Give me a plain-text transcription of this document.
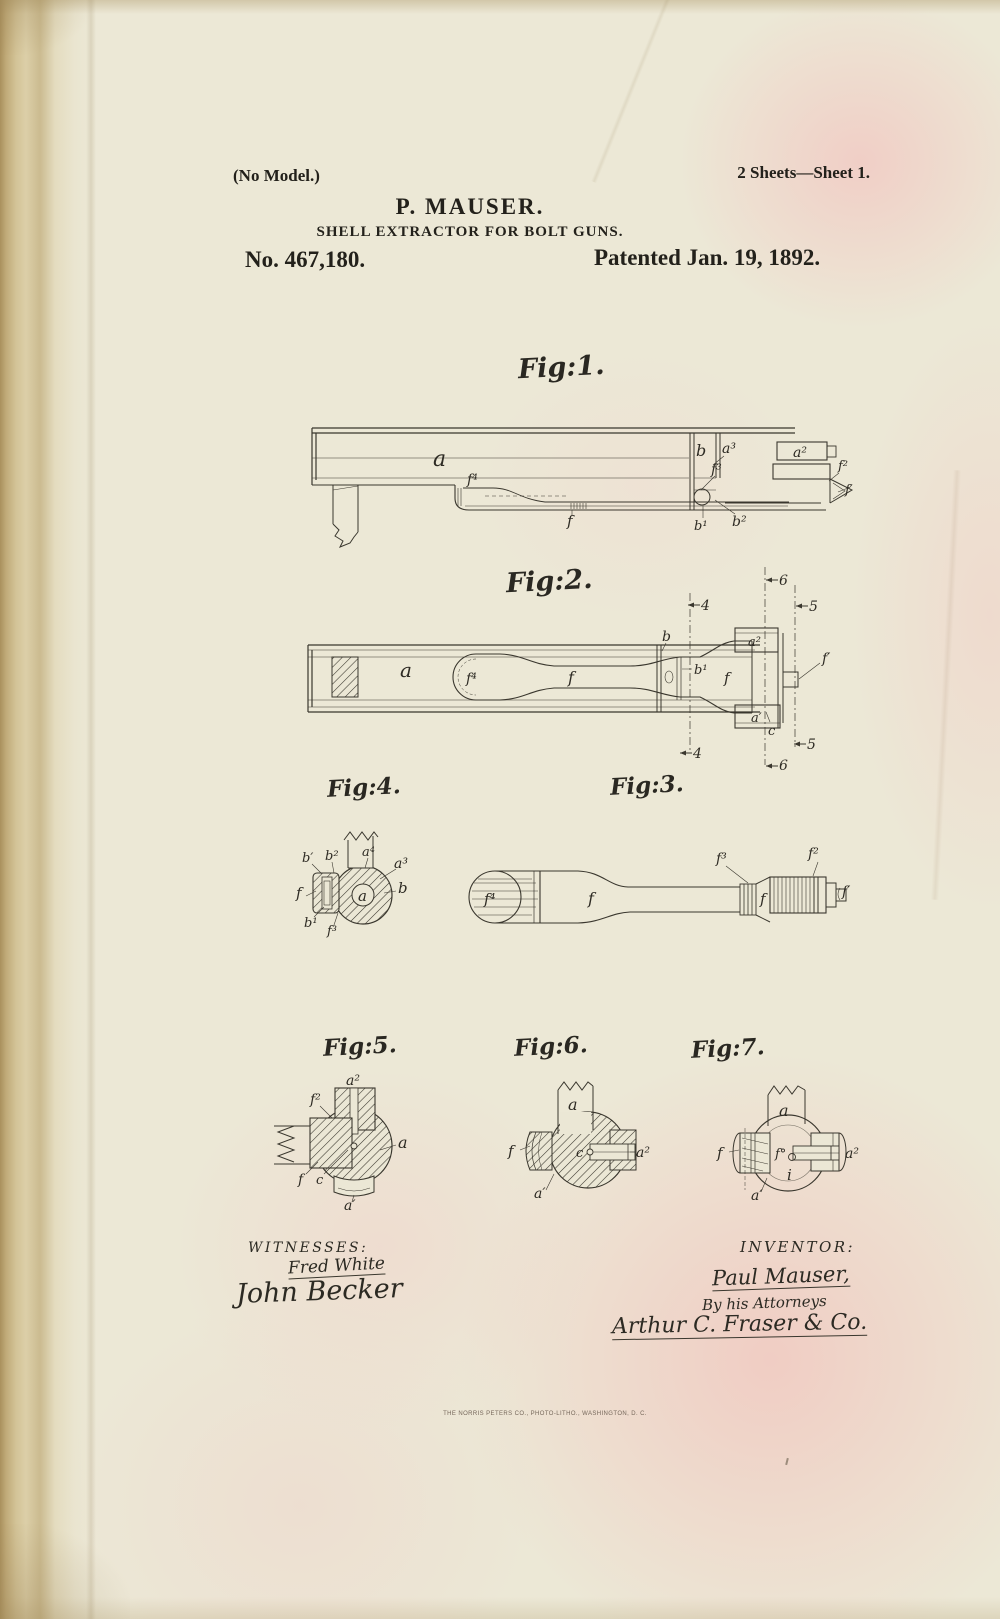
(No Model.)	2 Sheets—Sheet 1.
P. MAUSER.
SHELL EXTRACTOR FOR BOLT GUNS.
No. 467,180.	Patented Jan. 19, 1892.
Fig:1.
Fig:2.
Fig:4.	Fig:3.
Fig:5.	Fig:6.	Fig:7.
a
f⁴
b a³
f³
a²
f²
f′
f	b¹ b²
a	f⁴	f	f
b
b¹
a²
a′
f′
c
4
4
6
6
5
5
f⁴	f
f³
f
f²
f′
b′ b² a⁴
a³
b
f	a
b¹
f³
f²
a²
a
f c
a′
a
f	c	a²
a′
a
f	f°
i
a²
a′
WITNESSES:
Fred White
John Becker
INVENTOR:
Paul Mauser,
By his Attorneys
Arthur C. Fraser & Co.
THE NORRIS PETERS CO., PHOTO-LITHO., WASHINGTON, D. C.
